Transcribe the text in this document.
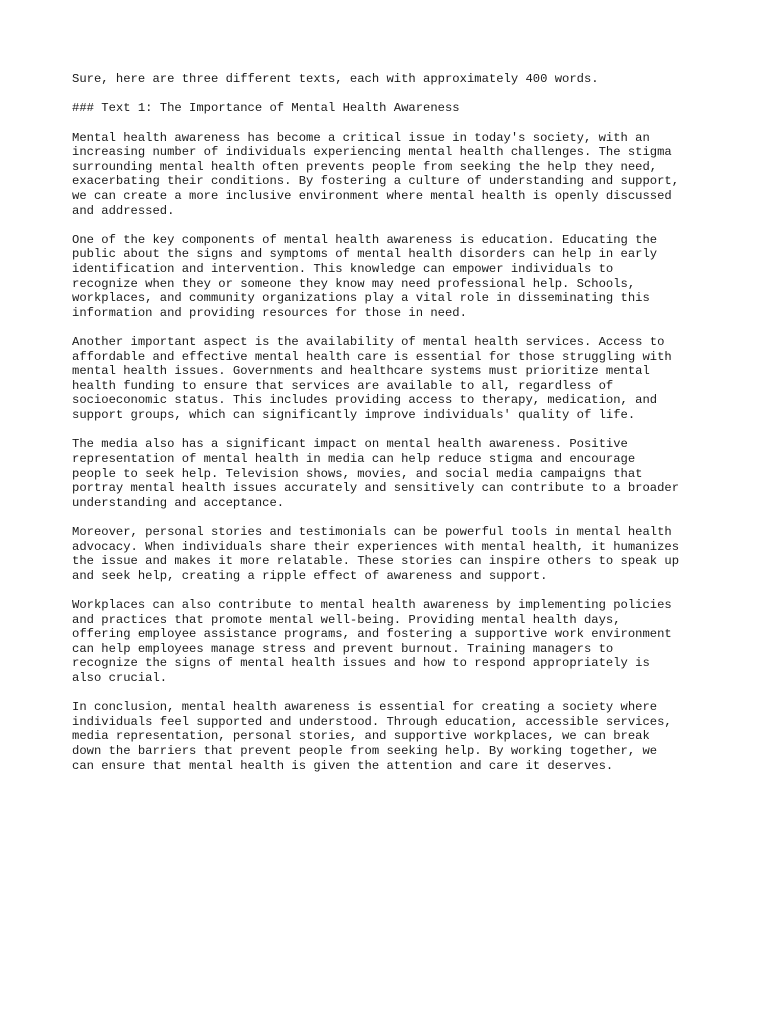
Sure, here are three different texts, each with approximately 400 words.
### Text 1: The Importance of Mental Health Awareness
Mental health awareness has become a critical issue in today's society, with an
increasing number of individuals experiencing mental health challenges. The stigma
surrounding mental health often prevents people from seeking the help they need,
exacerbating their conditions. By fostering a culture of understanding and support,
we can create a more inclusive environment where mental health is openly discussed
and addressed.
One of the key components of mental health awareness is education. Educating the
public about the signs and symptoms of mental health disorders can help in early
identification and intervention. This knowledge can empower individuals to
recognize when they or someone they know may need professional help. Schools,
workplaces, and community organizations play a vital role in disseminating this
information and providing resources for those in need.
Another important aspect is the availability of mental health services. Access to
affordable and effective mental health care is essential for those struggling with
mental health issues. Governments and healthcare systems must prioritize mental
health funding to ensure that services are available to all, regardless of
socioeconomic status. This includes providing access to therapy, medication, and
support groups, which can significantly improve individuals' quality of life.
The media also has a significant impact on mental health awareness. Positive
representation of mental health in media can help reduce stigma and encourage
people to seek help. Television shows, movies, and social media campaigns that
portray mental health issues accurately and sensitively can contribute to a broader
understanding and acceptance.
Moreover, personal stories and testimonials can be powerful tools in mental health
advocacy. When individuals share their experiences with mental health, it humanizes
the issue and makes it more relatable. These stories can inspire others to speak up
and seek help, creating a ripple effect of awareness and support.
Workplaces can also contribute to mental health awareness by implementing policies
and practices that promote mental well-being. Providing mental health days,
offering employee assistance programs, and fostering a supportive work environment
can help employees manage stress and prevent burnout. Training managers to
recognize the signs of mental health issues and how to respond appropriately is
also crucial.
In conclusion, mental health awareness is essential for creating a society where
individuals feel supported and understood. Through education, accessible services,
media representation, personal stories, and supportive workplaces, we can break
down the barriers that prevent people from seeking help. By working together, we
can ensure that mental health is given the attention and care it deserves.
